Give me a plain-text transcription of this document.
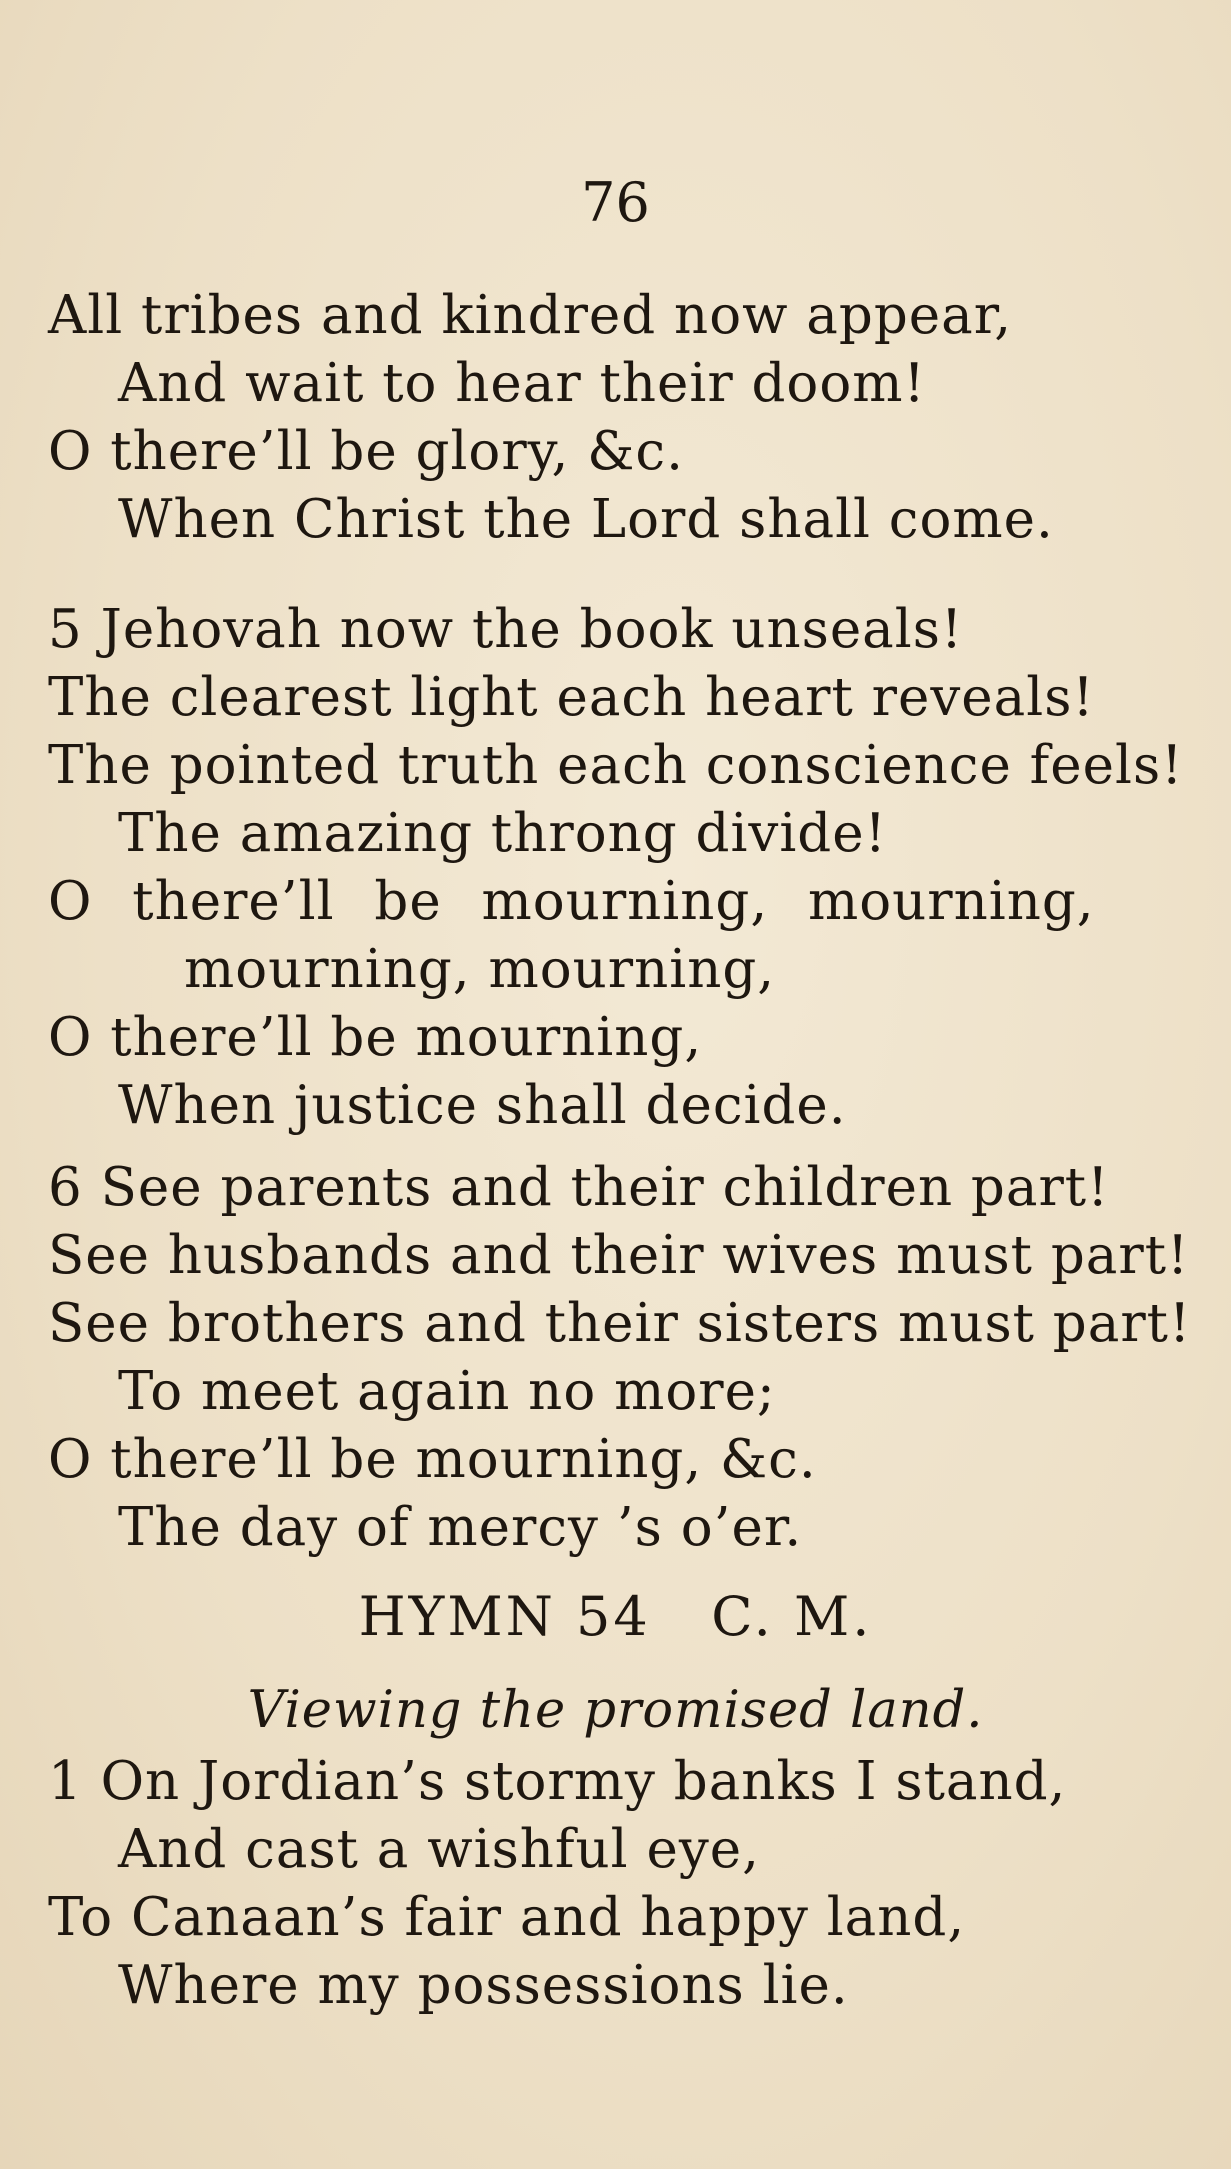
76
All tribes and kindred now appear,
And wait to hear their doom!
O there’ll be glory, &c.
When Christ the Lord shall come.
5 Jehovah now the book unseals!
The clearest light each heart reveals!
The pointed truth each conscience feels!
The amazing throng divide!
O there’ll be mourning, mourning,
mourning, mourning,
O there’ll be mourning,
When justice shall decide.
6 See parents and their children part!
See husbands and their wives must part!
See brothers and their sisters must part!
To meet again no more;
O there’ll be mourning, &c.
The day of mercy ’s o’er.
HYMN 54   C. M.
Viewing the promised land.
1 On Jordian’s stormy banks I stand,
And cast a wishful eye,
To Canaan’s fair and happy land,
Where my possessions lie.
